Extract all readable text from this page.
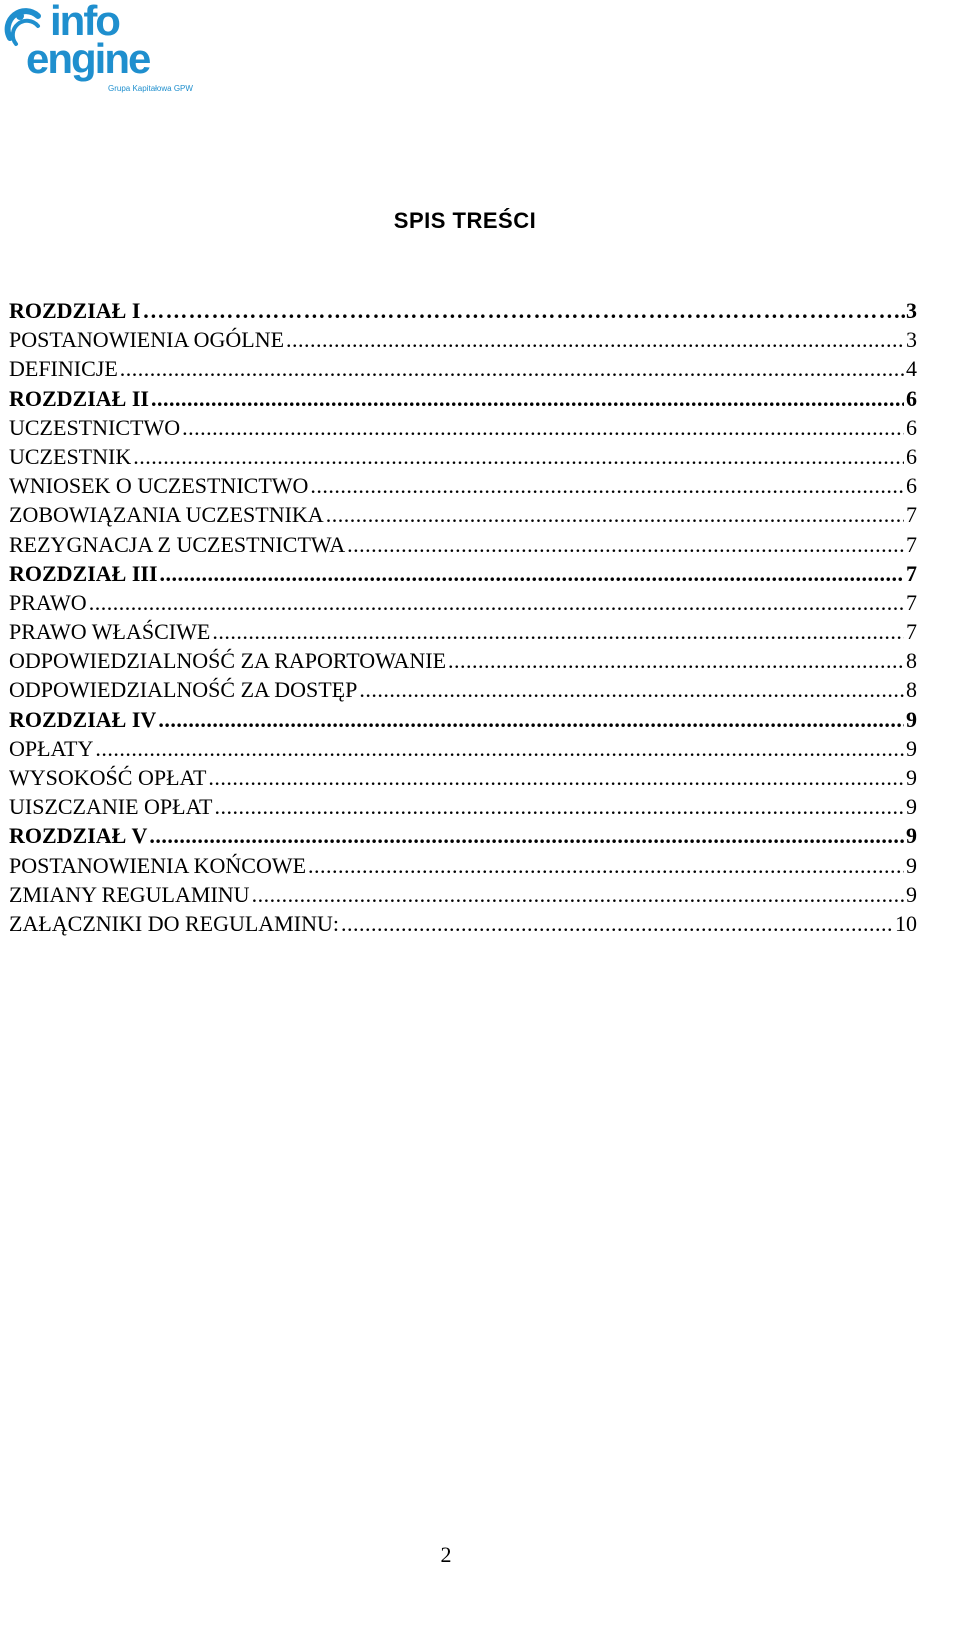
info
engine
Grupa Kapitałowa GPW
SPIS TREŚCI
ROZDZIAŁ I ……………………………………………………………………………………………………………………………………………………………	.3
POSTANOWIENIA OGÓLNE .....	3
DEFINICJE .....	4
ROZDZIAŁ II .....	6
UCZESTNICTWO .....	6
UCZESTNIK .....	6
WNIOSEK O UCZESTNICTWO .....	6
ZOBOWIĄZANIA UCZESTNIKA .....	7
REZYGNACJA Z UCZESTNICTWA .....	7
ROZDZIAŁ III .....	7
PRAWO .....	7
PRAWO WŁAŚCIWE .....	7
ODPOWIEDZIALNOŚĆ ZA RAPORTOWANIE .....	8
ODPOWIEDZIALNOŚĆ ZA DOSTĘP .....	8
ROZDZIAŁ IV .....	9
OPŁATY .....	9
WYSOKOŚĆ OPŁAT .....	9
UISZCZANIE OPŁAT .....	9
ROZDZIAŁ V .....	9
POSTANOWIENIA KOŃCOWE .....	9
ZMIANY REGULAMINU .....	9
ZAŁĄCZNIKI DO REGULAMINU: .....	10
2
